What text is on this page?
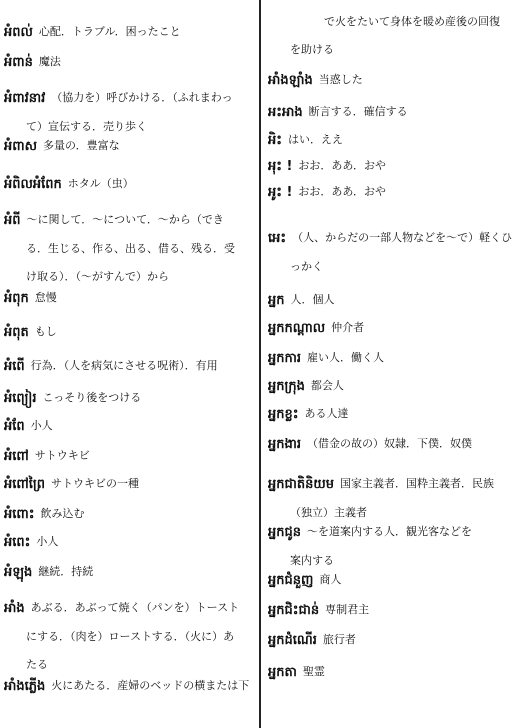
អំពល់ 心配．トラブル．困ったこと
អំពាន់ 魔法
អំពាវនាវ （協力を）呼びかける．（ふれまわっ
て）宣伝する．売り歩く
អំពាស 多量の．豊富な
អំពិលអំពែក ホタル（虫）
អំពី ～に関して．～について．～から（でき
る．生じる、作る、出る、借る、残る．受
け取る）．（～がすんで）から
អំពុក 怠慢
អំពុត もし
អំពើ 行為．（人を病気にさせる呪術）．有用
អំព្យៀរ こっそり後をつける
អំពែ 小人
អំពៅ サトウキビ
អំពៅព្រៃ サトウキビの一種
អំពោះ 飲み込む
អំពេះ 小人
អំឡុង 継続．持続
អាំង あぶる．あぶって焼く（パンを）トースト
にする．（肉を）ローストする．（火に）あ
たる
អាំងភ្លើង 火にあたる．産婦のベッドの横または下
で火をたいて身体を暖め産後の回復
を助ける
អាំងឡាំង 当惑した
អះអាង 断言する．確信する
អិះ はい．ええ
អុះ ! おお．ああ．おや
អូះ ! おお．ああ．おや
អេះ （人、からだの一部人物などを～で）軽くひ
っかく
អ្នក 人．個人
អ្នកកណ្ដាល 仲介者
អ្នកការ 雇い人．働く人
អ្នកក្រុង 都会人
អ្នកខ្លះ ある人達
អ្នកងារ （借金の故の）奴隷．下僕．奴僕
អ្នកជាតិនិយម 国家主義者．国粋主義者．民族
（独立）主義者
អ្នកជូន ～を道案内する人．観光客などを
案内する
អ្នកជំនួញ 商人
អ្នកជិះជាន់ 専制君主
អ្នកដំណើរ 旅行者
អ្នកតា 聖霊
